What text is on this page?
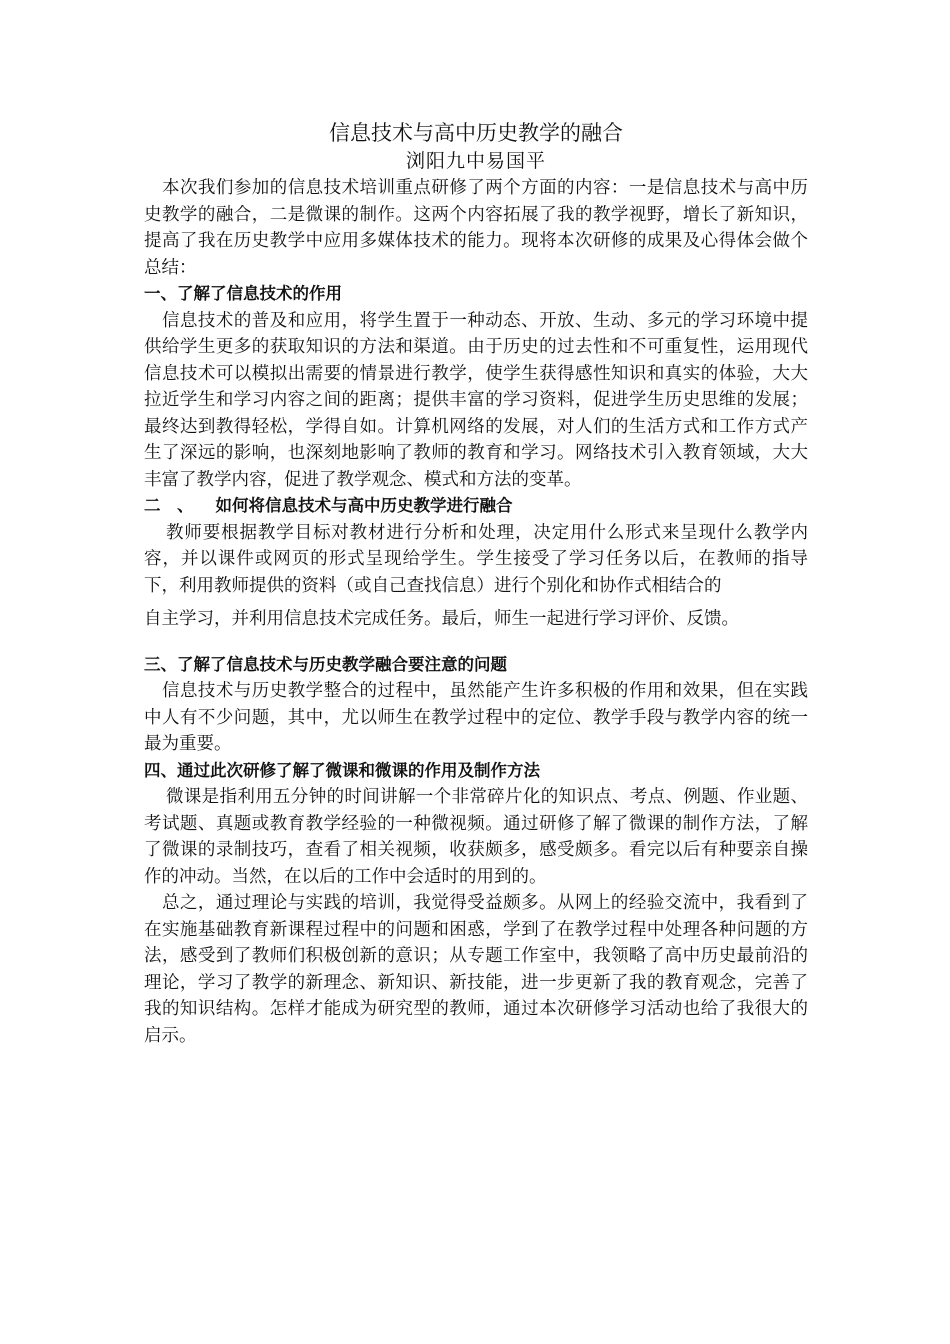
信息技术与高中历史教学的融合
浏阳九中易国平

本次我们参加的信息技术培训重点研修了两个方面的内容：一是信息技术与高中历史教学的融合，二是微课的制作。这两个内容拓展了我的教学视野，增长了新知识，提高了我在历史教学中应用多媒体技术的能力。现将本次研修的成果及心得体会做个总结：

一、了解了信息技术的作用

信息技术的普及和应用，将学生置于一种动态、开放、生动、多元的学习环境中提供给学生更多的获取知识的方法和渠道。由于历史的过去性和不可重复性，运用现代信息技术可以模拟出需要的情景进行教学，使学生获得感性知识和真实的体验，大大拉近学生和学习内容之间的距离；提供丰富的学习资料，促进学生历史思维的发展；最终达到教得轻松，学得自如。计算机网络的发展，对人们的生活方式和工作方式产生了深远的影响，也深刻地影响了教师的教育和学习。网络技术引入教育领域，大大丰富了教学内容，促进了教学观念、模式和方法的变革。

二　、 如何将信息技术与高中历史教学进行融合

教师要根据教学目标对教材进行分析和处理，决定用什么形式来呈现什么教学内容，并以课件或网页的形式呈现给学生。学生接受了学习任务以后，在教师的指导下，利用教师提供的资料（或自己查找信息）进行个别化和协作式相结合的

自主学习，并利用信息技术完成任务。最后，师生一起进行学习评价、反馈。

三、了解了信息技术与历史教学融合要注意的问题

信息技术与历史教学整合的过程中，虽然能产生许多积极的作用和效果，但在实践中人有不少问题，其中，尤以师生在教学过程中的定位、教学手段与教学内容的统一最为重要。

四、通过此次研修了解了微课和微课的作用及制作方法

微课是指利用五分钟的时间讲解一个非常碎片化的知识点、考点、例题、作业题、考试题、真题或教育教学经验的一种微视频。通过研修了解了微课的制作方法，了解了微课的录制技巧，查看了相关视频，收获颇多，感受颇多。看完以后有种要亲自操作的冲动。当然，在以后的工作中会适时的用到的。

总之，通过理论与实践的培训，我觉得受益颇多。从网上的经验交流中，我看到了在实施基础教育新课程过程中的问题和困惑，学到了在教学过程中处理各种问题的方法，感受到了教师们积极创新的意识；从专题工作室中，我领略了高中历史最前沿的理论，学习了教学的新理念、新知识、新技能，进一步更新了我的教育观念，完善了我的知识结构。怎样才能成为研究型的教师，通过本次研修学习活动也给了我很大的启示。
